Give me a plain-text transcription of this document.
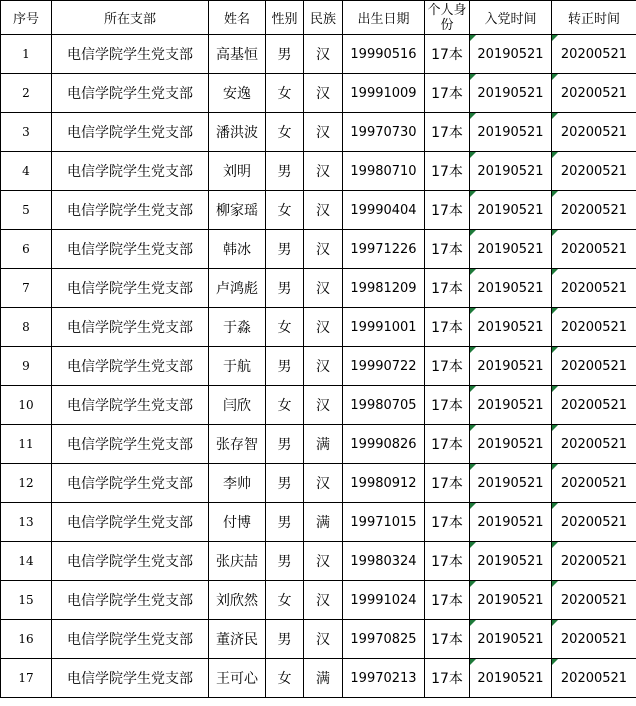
序号	所在支部	姓名	性别	民族	出生日期	个人身份	入党时间	转正时间
1	电信学院学生党支部	高基恒	男	汉	19990516	17本	20190521	20200521
2	电信学院学生党支部	安逸	女	汉	19991009	17本	20190521	20200521
3	电信学院学生党支部	潘洪波	女	汉	19970730	17本	20190521	20200521
4	电信学院学生党支部	刘明	男	汉	19980710	17本	20190521	20200521
5	电信学院学生党支部	柳家瑶	女	汉	19990404	17本	20190521	20200521
6	电信学院学生党支部	韩冰	男	汉	19971226	17本	20190521	20200521
7	电信学院学生党支部	卢鸿彪	男	汉	19981209	17本	20190521	20200521
8	电信学院学生党支部	于淼	女	汉	19991001	17本	20190521	20200521
9	电信学院学生党支部	于航	男	汉	19990722	17本	20190521	20200521
10	电信学院学生党支部	闫欣	女	汉	19980705	17本	20190521	20200521
11	电信学院学生党支部	张存智	男	满	19990826	17本	20190521	20200521
12	电信学院学生党支部	李帅	男	汉	19980912	17本	20190521	20200521
13	电信学院学生党支部	付博	男	满	19971015	17本	20190521	20200521
14	电信学院学生党支部	张庆喆	男	汉	19980324	17本	20190521	20200521
15	电信学院学生党支部	刘欣然	女	汉	19991024	17本	20190521	20200521
16	电信学院学生党支部	董济民	男	汉	19970825	17本	20190521	20200521
17	电信学院学生党支部	王可心	女	满	19970213	17本	20190521	20200521
